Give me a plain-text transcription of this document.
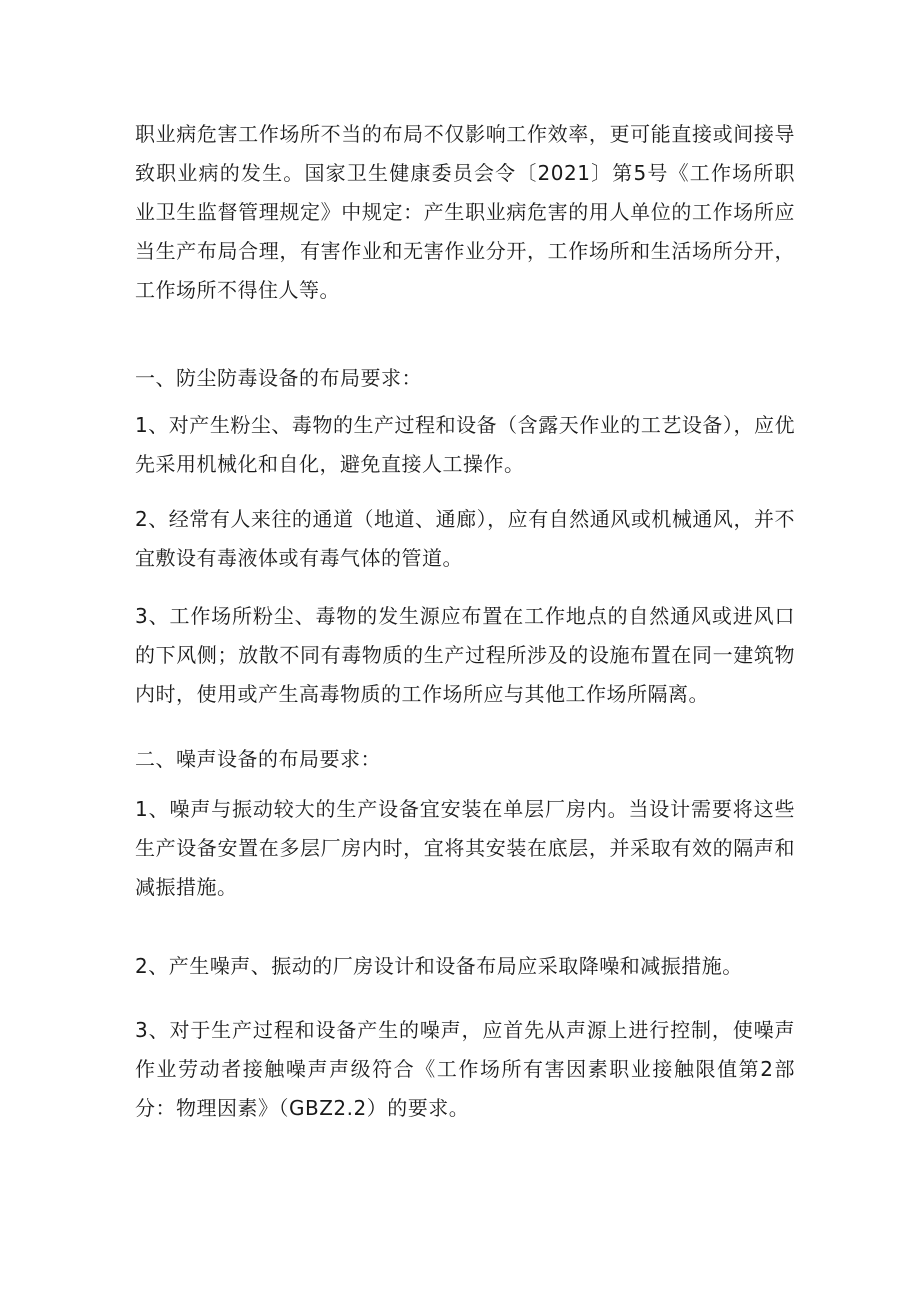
职业病危害工作场所不当的布局不仅影响工作效率，更可能直接或间接导致职业病的发生。国家卫生健康委员会令〔2021〕第5号《工作场所职业卫生监督管理规定》中规定：产生职业病危害的用人单位的工作场所应当生产布局合理，有害作业和无害作业分开，工作场所和生活场所分开，工作场所不得住人等。

一、防尘防毒设备的布局要求：

1、对产生粉尘、毒物的生产过程和设备（含露天作业的工艺设备），应优先采用机械化和自化，避免直接人工操作。

2、经常有人来往的通道（地道、通廊），应有自然通风或机械通风，并不宜敷设有毒液体或有毒气体的管道。

3、工作场所粉尘、毒物的发生源应布置在工作地点的自然通风或进风口的下风侧；放散不同有毒物质的生产过程所涉及的设施布置在同一建筑物内时，使用或产生高毒物质的工作场所应与其他工作场所隔离。

二、噪声设备的布局要求：

1、噪声与振动较大的生产设备宜安装在单层厂房内。当设计需要将这些生产设备安置在多层厂房内时，宜将其安装在底层，并采取有效的隔声和减振措施。

2、产生噪声、振动的厂房设计和设备布局应采取降噪和减振措施。

3、对于生产过程和设备产生的噪声，应首先从声源上进行控制，使噪声作业劳动者接触噪声声级符合《工作场所有害因素职业接触限值第2部分：物理因素》（GBZ2.2）的要求。
